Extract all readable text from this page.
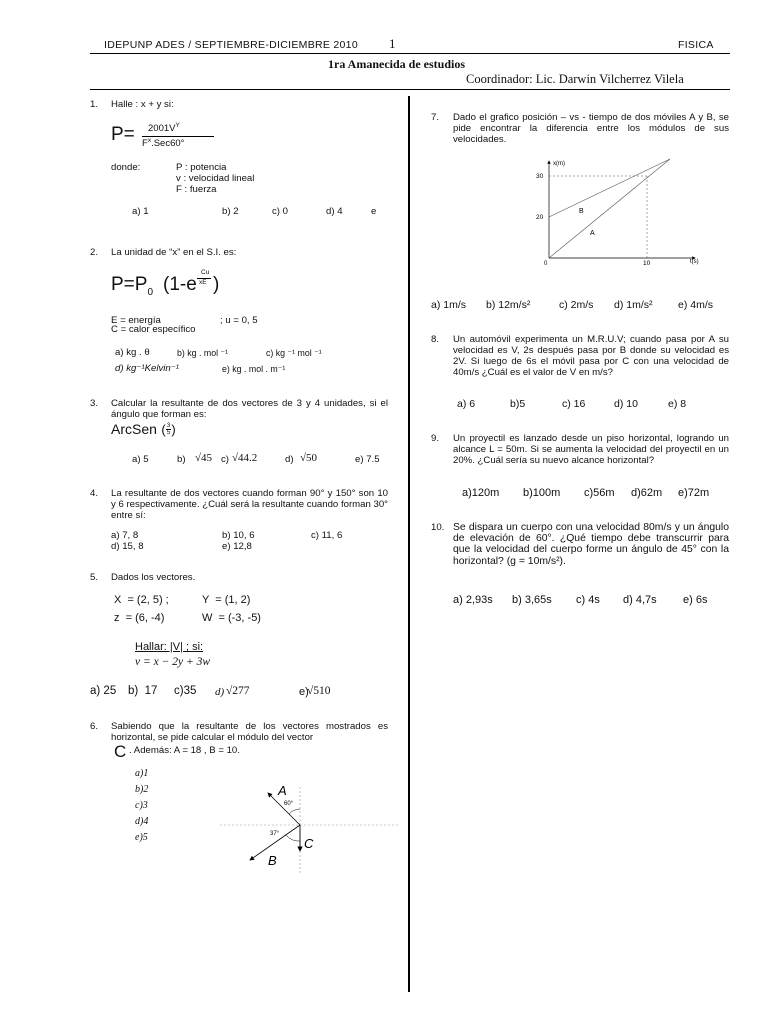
IDEPUNP ADES / SEPTIEMBRE-DICIEMBRE 2010 1	FISICA
1ra Amanecida de estudios
Coordinador: Lic. Darwin Vilcherrez Vilela
1. Halle : x + y si:
$P= 2001V^Y$
$F^x.Sec60^\circ$
donde:	P : potencia
v : velocidad lineal
F : fuerza
a) 1	b) 2	c) 0	d) 4	e
2. La unidad de “x” en el S.I. es:
$P=P_0$ (1-e
Cu
xE )
E = energía	; u = 0, 5
C = calor específico
a) kg . θ	b) kg . mol ⁻¹	c) kg ⁻¹ mol ⁻¹
d) kg⁻¹Kelvin⁻¹	e) kg . mol . m⁻¹
3. Calcular la resultante de dos vectores de 3 y 4 unidades, si el ángulo que forman es:
ArcSen $(\frac{3}{5})$
a) 5	b) √45 c) √44.2	d) √50	e) 7.5
4. La resultante de dos vectores cuando forman 90° y 150° son 10 y 6 respectivamente. ¿Cuál será la resultante cuando forman 30° entre sí:
a) 7, 8	b) 10, 6	c) 11, 6
d) 15, 8	e) 12,8
5. Dados los vectores.
X  = (2, 5) ;	Y  = (1, 2)
z  = (6, -4)	W  = (-3, -5)
Hallar: |V| ; si:
v = x − 2y + 3w
a) 25 b)  17 c)35 d) √277	e)
√510
6. Sabiendo que la resultante de los vectores mostrados es horizontal, se pide calcular el módulo del vector
C . Además: A = 18 , B = 10.
a)1
b)2
c)3
d)4
e)5
A
60°
37°
C
B
7. Dado el grafico posición – vs - tiempo de dos móviles A y B, se pide encontrar la diferencia entre los módulos de sus velocidades.
x(m)
30
20
0	10	t(s)
B
A
a) 1m/s b) 12m/s²	c) 2m/s d) 1m/s² e) 4m/s
8. Un automóvil experimenta un M.R.U.V; cuando pasa por A su velocidad es V, 2s después pasa por B donde su velocidad es 2V. Si luego de 6s el móvil pasa por C con una velocidad de 40m/s ¿Cuál es el valor de V en m/s?
a) 6	b)5	c) 16	d) 10	e) 8
9. Un proyectil es lanzado desde un piso horizontal, logrando un alcance L = 50m. Si se aumenta la velocidad del proyectil en un 20%. ¿Cuál sería su nuevo alcance horizontal?
a)120m b)100m c)56m d)62m e)72m
10. Se dispara un cuerpo con una velocidad 80m/s y un ángulo de elevación de 60°. ¿Qué tiempo debe transcurrir para que la velocidad del cuerpo forme un ángulo de 45° con la horizontal? (g = 10m/s²).
a) 2,93s b) 3,65s c) 4s d) 4,7s e) 6s
